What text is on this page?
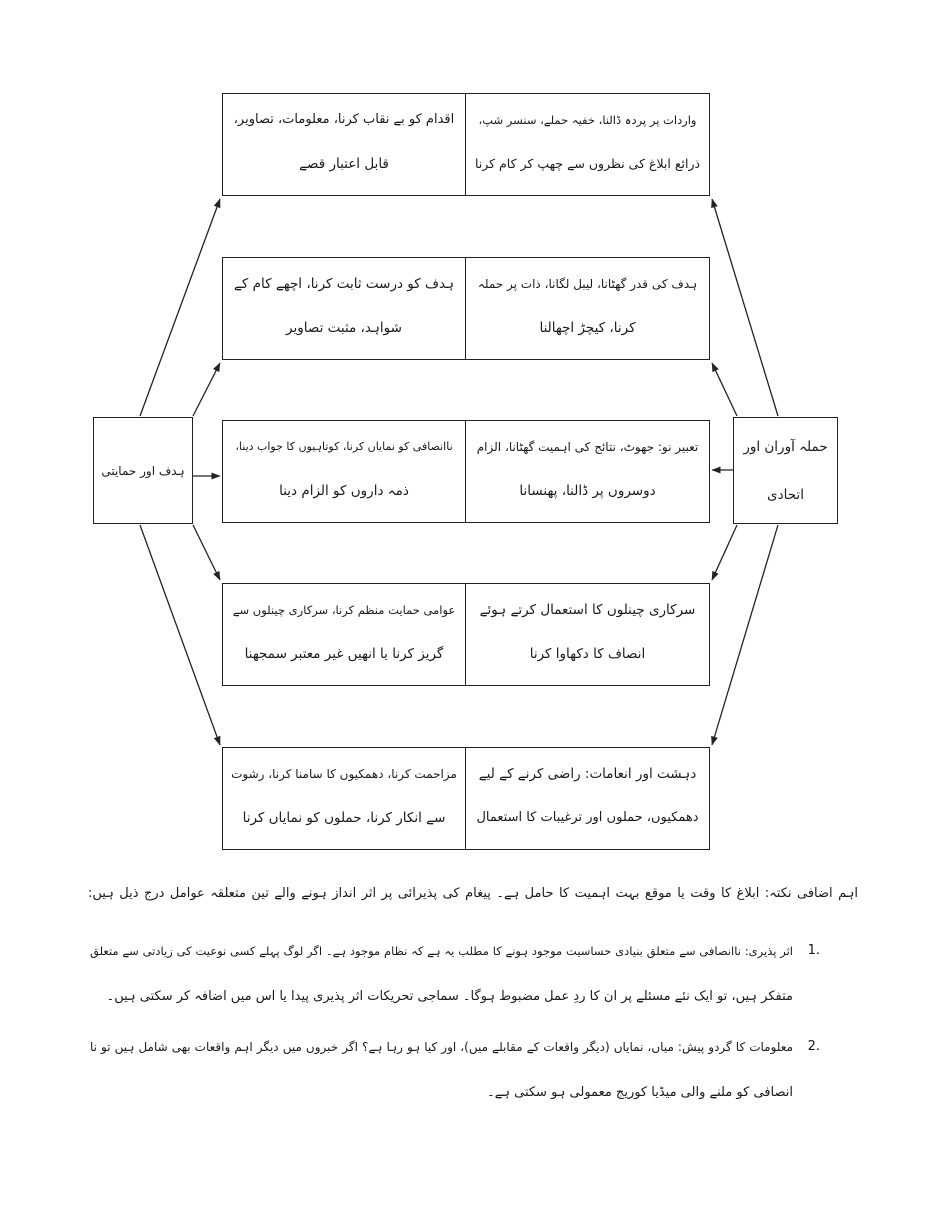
ہدف اور حمایتی
حملہ آوران اور
اتحادی
اقدام کو بے نقاب کرنا، معلومات، تصاویر،
قابل اعتبار قصے
واردات پر پردہ ڈالنا، خفیہ حملے، سنسر شپ،
ذرائع ابلاغ کی نظروں سے چھپ کر کام کرنا
ہدف کو درست ثابت کرنا، اچھے کام کے
شواہد، مثبت تصاویر
ہدف کی قدر گھٹانا، لیبل لگانا، ذات پر حملہ
کرنا، کیچڑ اچھالنا
ناانصافی کو نمایاں کرنا، کوتاہیوں کا جواب دینا،
ذمہ داروں کو الزام دینا
تعبیر نو: جھوٹ، نتائج کی اہمیت گھٹانا، الزام
دوسروں پر ڈالنا، پھنسانا
عوامی حمایت منظم کرنا، سرکاری چینلوں سے
گریز کرنا یا انھیں غیر معتبر سمجھنا
سرکاری چینلوں کا استعمال کرتے ہوئے
انصاف کا دکھاوا کرنا
مزاحمت کرنا، دھمکیوں کا سامنا کرنا، رشوت
سے انکار کرنا، حملوں کو نمایاں کرنا
دہشت اور انعامات: راضی کرنے کے لیے
دھمکیوں، حملوں اور ترغیبات کا استعمال
اہم اضافی نکتہ: ابلاغ کا وقت یا موقع بہت اہمیت کا حامل ہے۔ پیغام کی پذیرائی پر اثر انداز ہونے والے تین متعلقہ عوامل درج ذیل ہیں:
اثر پذیری: ناانصافی سے متعلق بنیادی حساسیت موجود ہونے کا مطلب یہ ہے کہ نظام موجود ہے۔ اگر لوگ پہلے کسی نوعیت کی زیادتی سے متعلق
متفکر ہیں، تو ایک نئے مسئلے پر ان کا ردِ عمل مضبوط ہوگا۔ سماجی تحریکات اثر پذیری پیدا یا اس میں اضافہ کر سکتی ہیں۔
1.
معلومات کا گردو پیش: میاں، نمایاں (دیگر واقعات کے مقابلے میں)، اور کیا ہو رہا ہے؟ اگر خبروں میں دیگر اہم واقعات بھی شامل ہیں تو نا
انصافی کو ملنے والی میڈیا کوریج معمولی ہو سکتی ہے۔
2.
